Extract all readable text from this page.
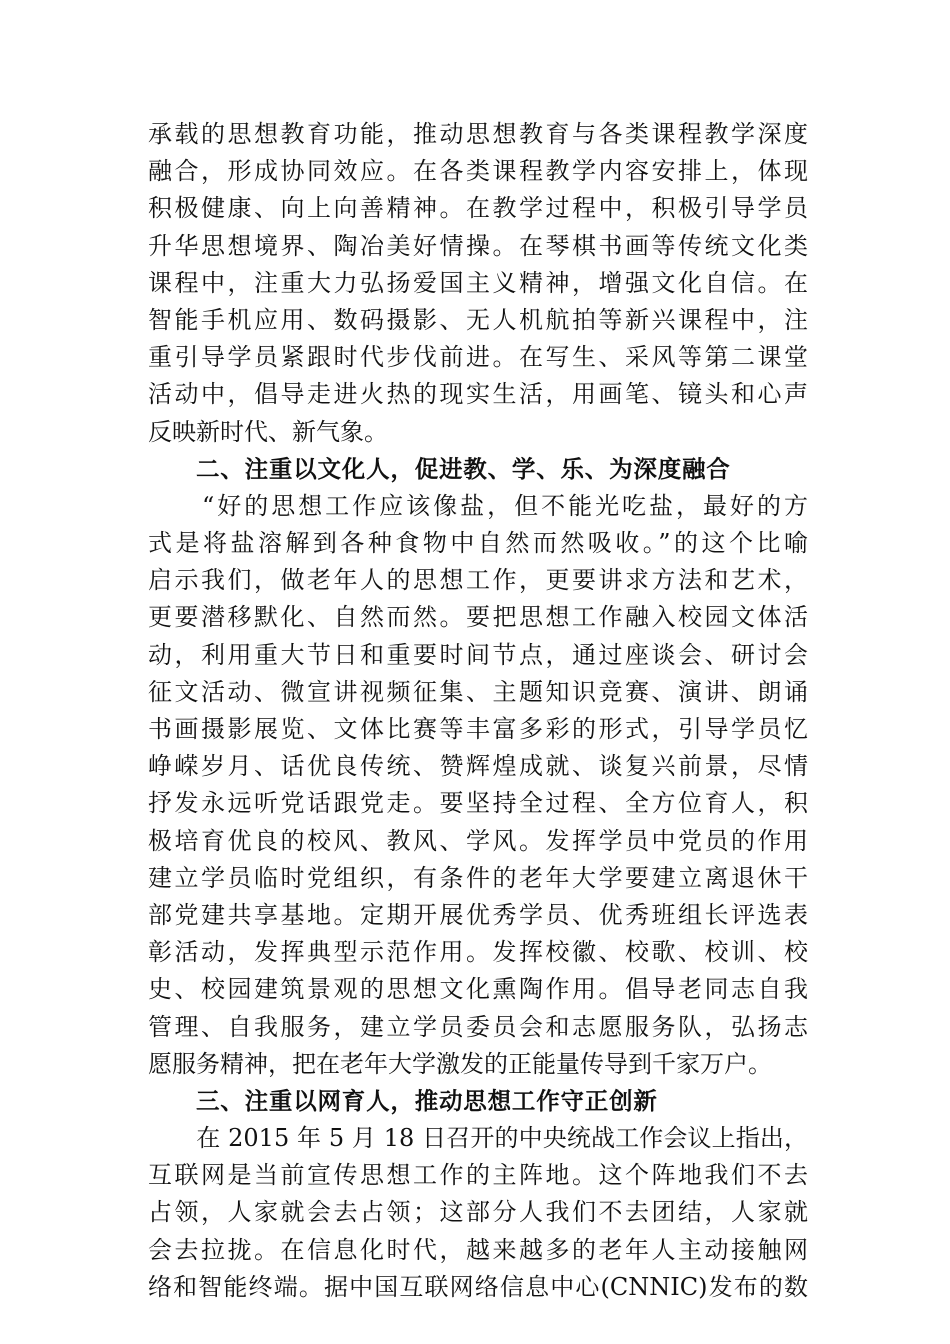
承载的思想教育功能，推动思想教育与各类课程教学深度
融合，形成协同效应。在各类课程教学内容安排上，体现
积极健康、向上向善精神。在教学过程中，积极引导学员
升华思想境界、陶冶美好情操。在琴棋书画等传统文化类
课程中，注重大力弘扬爱国主义精神，增强文化自信。在
智能手机应用、数码摄影、无人机航拍等新兴课程中，注
重引导学员紧跟时代步伐前进。在写生、采风等第二课堂
活动中，倡导走进火热的现实生活，用画笔、镜头和心声
反映新时代、新气象。
二、注重以文化人，促进教、学、乐、为深度融合
　　“好的思想工作应该像盐，但不能光吃盐，最好的方
式是将盐溶解到各种食物中自然而然吸收。”的这个比喻
启示我们，做老年人的思想工作，更要讲求方法和艺术，
更要潜移默化、自然而然。要把思想工作融入校园文体活
动，利用重大节日和重要时间节点，通过座谈会、研讨会
征文活动、微宣讲视频征集、主题知识竞赛、演讲、朗诵
书画摄影展览、文体比赛等丰富多彩的形式，引导学员忆
峥嵘岁月、话优良传统、赞辉煌成就、谈复兴前景，尽情
抒发永远听党话跟党走。要坚持全过程、全方位育人，积
极培育优良的校风、教风、学风。发挥学员中党员的作用
建立学员临时党组织，有条件的老年大学要建立离退休干
部党建共享基地。定期开展优秀学员、优秀班组长评选表
彰活动，发挥典型示范作用。发挥校徽、校歌、校训、校
史、校园建筑景观的思想文化熏陶作用。倡导老同志自我
管理、自我服务，建立学员委员会和志愿服务队，弘扬志
愿服务精神，把在老年大学激发的正能量传导到千家万户。
三、注重以网育人，推动思想工作守正创新
　　在 2015 年 5 月 18 日召开的中央统战工作会议上指出，
互联网是当前宣传思想工作的主阵地。这个阵地我们不去
占领，人家就会去占领；这部分人我们不去团结，人家就
会去拉拢。在信息化时代，越来越多的老年人主动接触网
络和智能终端。据中国互联网络信息中心(CNNIC)发布的数
